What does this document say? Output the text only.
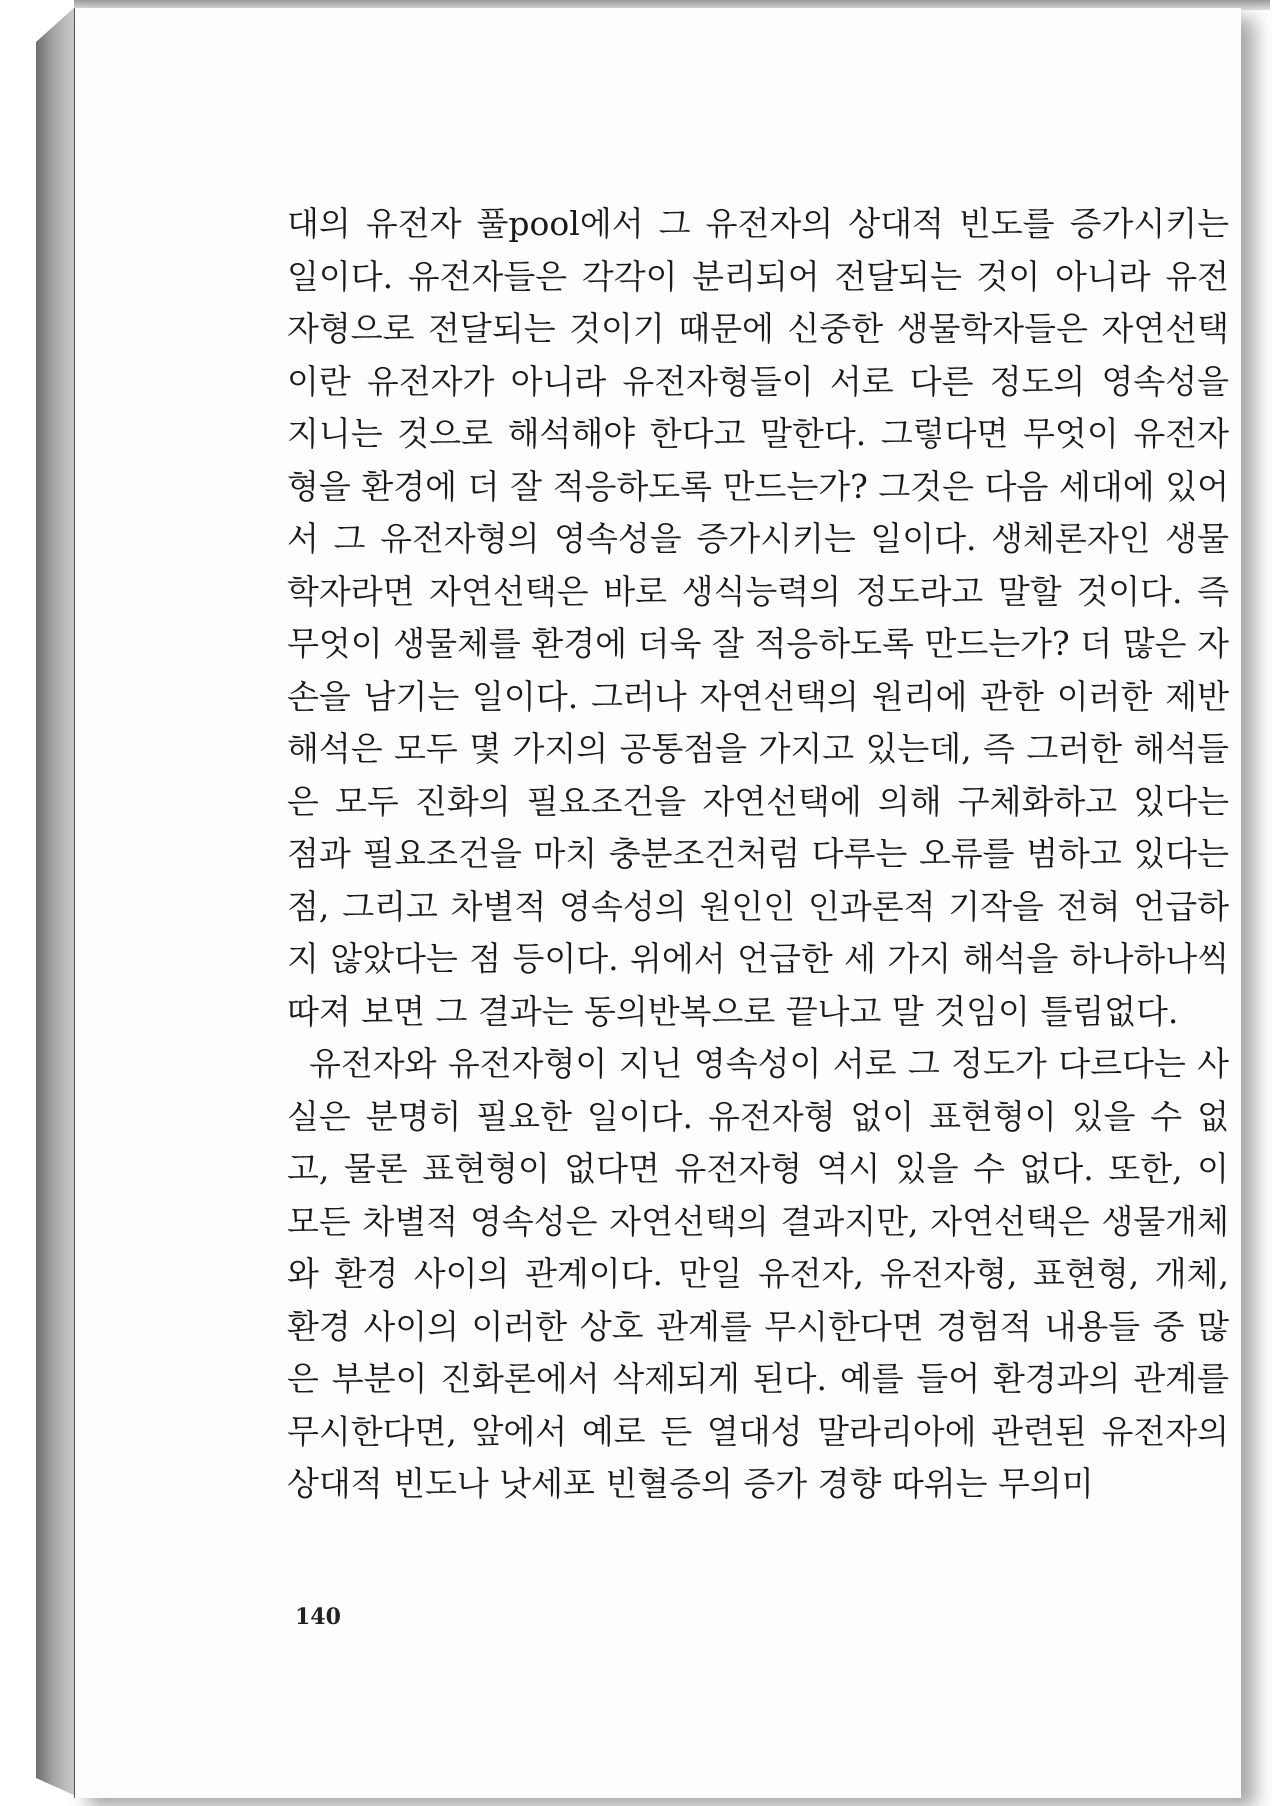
대의 유전자 풀pool에서 그 유전자의 상대적 빈도를 증가시키는 일이다. 유전자들은 각각이 분리되어 전달되는 것이 아니라 유전자형으로 전달되는 것이기 때문에 신중한 생물학자들은 자연선택이란 유전자가 아니라 유전자형들이 서로 다른 정도의 영속성을 지니는 것으로 해석해야 한다고 말한다. 그렇다면 무엇이 유전자형을 환경에 더 잘 적응하도록 만드는가? 그것은 다음 세대에 있어서 그 유전자형의 영속성을 증가시키는 일이다. 생체론자인 생물학자라면 자연선택은 바로 생식능력의 정도라고 말할 것이다. 즉 무엇이 생물체를 환경에 더욱 잘 적응하도록 만드는가? 더 많은 자손을 남기는 일이다. 그러나 자연선택의 원리에 관한 이러한 제반 해석은 모두 몇 가지의 공통점을 가지고 있는데, 즉 그러한 해석들은 모두 진화의 필요조건을 자연선택에 의해 구체화하고 있다는 점과 필요조건을 마치 충분조건처럼 다루는 오류를 범하고 있다는 점, 그리고 차별적 영속성의 원인인 인과론적 기작을 전혀 언급하지 않았다는 점 등이다. 위에서 언급한 세 가지 해석을 하나하나씩 따져 보면 그 결과는 동의반복으로 끝나고 말 것임이 틀림없다.

유전자와 유전자형이 지닌 영속성이 서로 그 정도가 다르다는 사실은 분명히 필요한 일이다. 유전자형 없이 표현형이 있을 수 없고, 물론 표현형이 없다면 유전자형 역시 있을 수 없다. 또한, 이 모든 차별적 영속성은 자연선택의 결과지만, 자연선택은 생물개체와 환경 사이의 관계이다. 만일 유전자, 유전자형, 표현형, 개체, 환경 사이의 이러한 상호 관계를 무시한다면 경험적 내용들 중 많은 부분이 진화론에서 삭제되게 된다. 예를 들어 환경과의 관계를 무시한다면, 앞에서 예로 든 열대성 말라리아에 관련된 유전자의 상대적 빈도나 낫세포 빈혈증의 증가 경향 따위는 무의미

140
